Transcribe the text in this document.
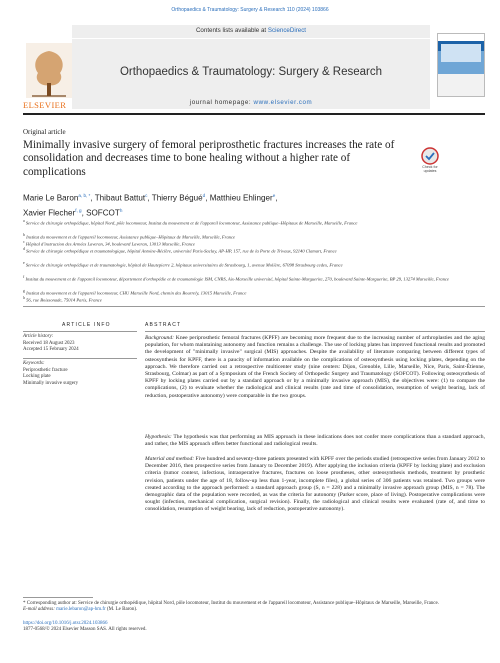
Orthopaedics & Traumatology: Surgery & Research 110 (2024) 103866
Contents lists available at ScienceDirect
ELSEVIER
Orthopaedics & Traumatology: Surgery & Research
journal homepage: www.elsevier.com
Original article
Minimally invasive surgery of femoral periprosthetic fractures increases the rate of consolidation and decreases time to bone healing without a higher rate of complications	Check for
updates
Marie Le Baron$^{a, b, *}$, Thibaut Battut$^c$, Thierry Bégué$^d$, Matthieu Ehlinger$^e$,
Xavier Flecher$^{f, g}$, SOFCOT$^h$
$^a$ Service de chirurgie orthopédique, hôpital Nord, pôle locomoteur, Institut du mouvement et de l'appareil locomoteur, Assistance publique–Hôpitaux de Marseille, Marseille, France
$^b$ Institut du mouvement et de l'appareil locomoteur, Assistance publique–Hôpitaux de Marseille, Marseille, France
$^c$ Hôpital d'instruction des Armées Laveran, 34, boulevard Laveran, 13013 Marseille, France
$^d$ Service de chirurgie orthopédique et traumatologique, hôpital Antoine-Béclère, université Paris-Saclay, AP-HP, 157, rue de la Porte de Trivaux, 92140 Clamart, France
$^e$ Service de chirurgie orthopédique et de traumatologie, hôpital de Hautepierre 2, hôpitaux universitaires de Strasbourg, 1, avenue Molière, 67098 Strasbourg cedex, France
$^f$ Institut du mouvement et de l'appareil locomoteur, département d'orthopédie et de traumatologie ISM, CNRS, Aix-Marseille université, hôpital Sainte-Marguerite, 270, boulevard Sainte-Marguerite, BP 29, 13274 Marseille, France
$^g$ Institut du mouvement et de l'appareil locomoteur, CHU Marseille Nord, chemin des Bourrely, 13015 Marseille, France
$^h$ 56, rue Boissonade, 75014 Paris, France
ARTICLE INFO
Article history:
Received 18 August 2023
Accepted 15 February 2024
Keywords:
Periprosthetic fracture
Locking plate
Minimally invasive surgery
ABSTRACT
Background: Knee periprosthetic femoral fractures (KPFF) are becoming more frequent due to the increasing number of arthroplasties and the aging population, for whom maintaining autonomy and function remains a challenge. The use of locking plates has improved functional results and promoted the development of "minimally invasive" surgical (MIS) approaches. Despite the availability of literature comparing between different types of osteosynthesis for KPFF, there is a paucity of information available on the complications of osteosynthesis using locking plates, depending on the approach. We therefore carried out a retrospective multicenter study (nine centers: Dijon, Grenoble, Lille, Marseille, Nice, Paris, Saint-Étienne, Strasbourg, Colmar) as part of a Symposium of the French Society of Orthopedic Surgery and Traumatology (SOFCOT). Following osteosynthesis of KPFF by locking plates carried out by a standard approach or by a minimally invasive approach (MIS), the objectives were: (1) to compare the complications, (2) to evaluate whether the radiological and clinical results (rate and time of consolidation, resumption of weight bearing, lack of reduction, postoperative autonomy) were comparable in the two groups.
Hypothesis: The hypothesis was that performing an MIS approach in these indications does not confer more complications than a standard approach, and rather, the MIS approach offers better functional and radiological results.
Material and method: Five hundred and seventy-three patients presented with KPFF over the periods studied (retrospective series from January 2012 to December 2016, then prospective series from January to December 2019). After applying the inclusion criteria (KPFF by locking plate) and exclusion criteria (tumor context, infectious, intraoperative fractures, fractures on loose prostheses, other osteosynthesis methods, treatment by prosthetic revision, patients under the age of 18, follow-up less than 1-year, incomplete files), a global series of 306 patients was retained. Two groups were created according to the approach performed: a standard approach group (S, n = 228) and a minimally invasive approach group (MIS, n = 78). The demographic data of the population were recorded, as was the criteria for autonomy (Parker score, place of living). Postoperative complications were sought (infection, mechanical complication, surgical revision). Finally, the radiological and clinical results were evaluated (rate of, and time to consolidation, resumption of weight bearing, lack of reduction, postoperative autonomy).
* Corresponding author at: Service de chirurgie orthopédique, hôpital Nord, pôle locomoteur, Institut du mouvement et de l'appareil locomoteur, Assistance publique–Hôpitaux de Marseille, Marseille, France.
E-mail address: marie.lebaron@ap-hm.fr (M. Le Baron).
https://doi.org/10.1016/j.otsr.2024.103866
1877-0568/© 2024 Elsevier Masson SAS. All rights reserved.
